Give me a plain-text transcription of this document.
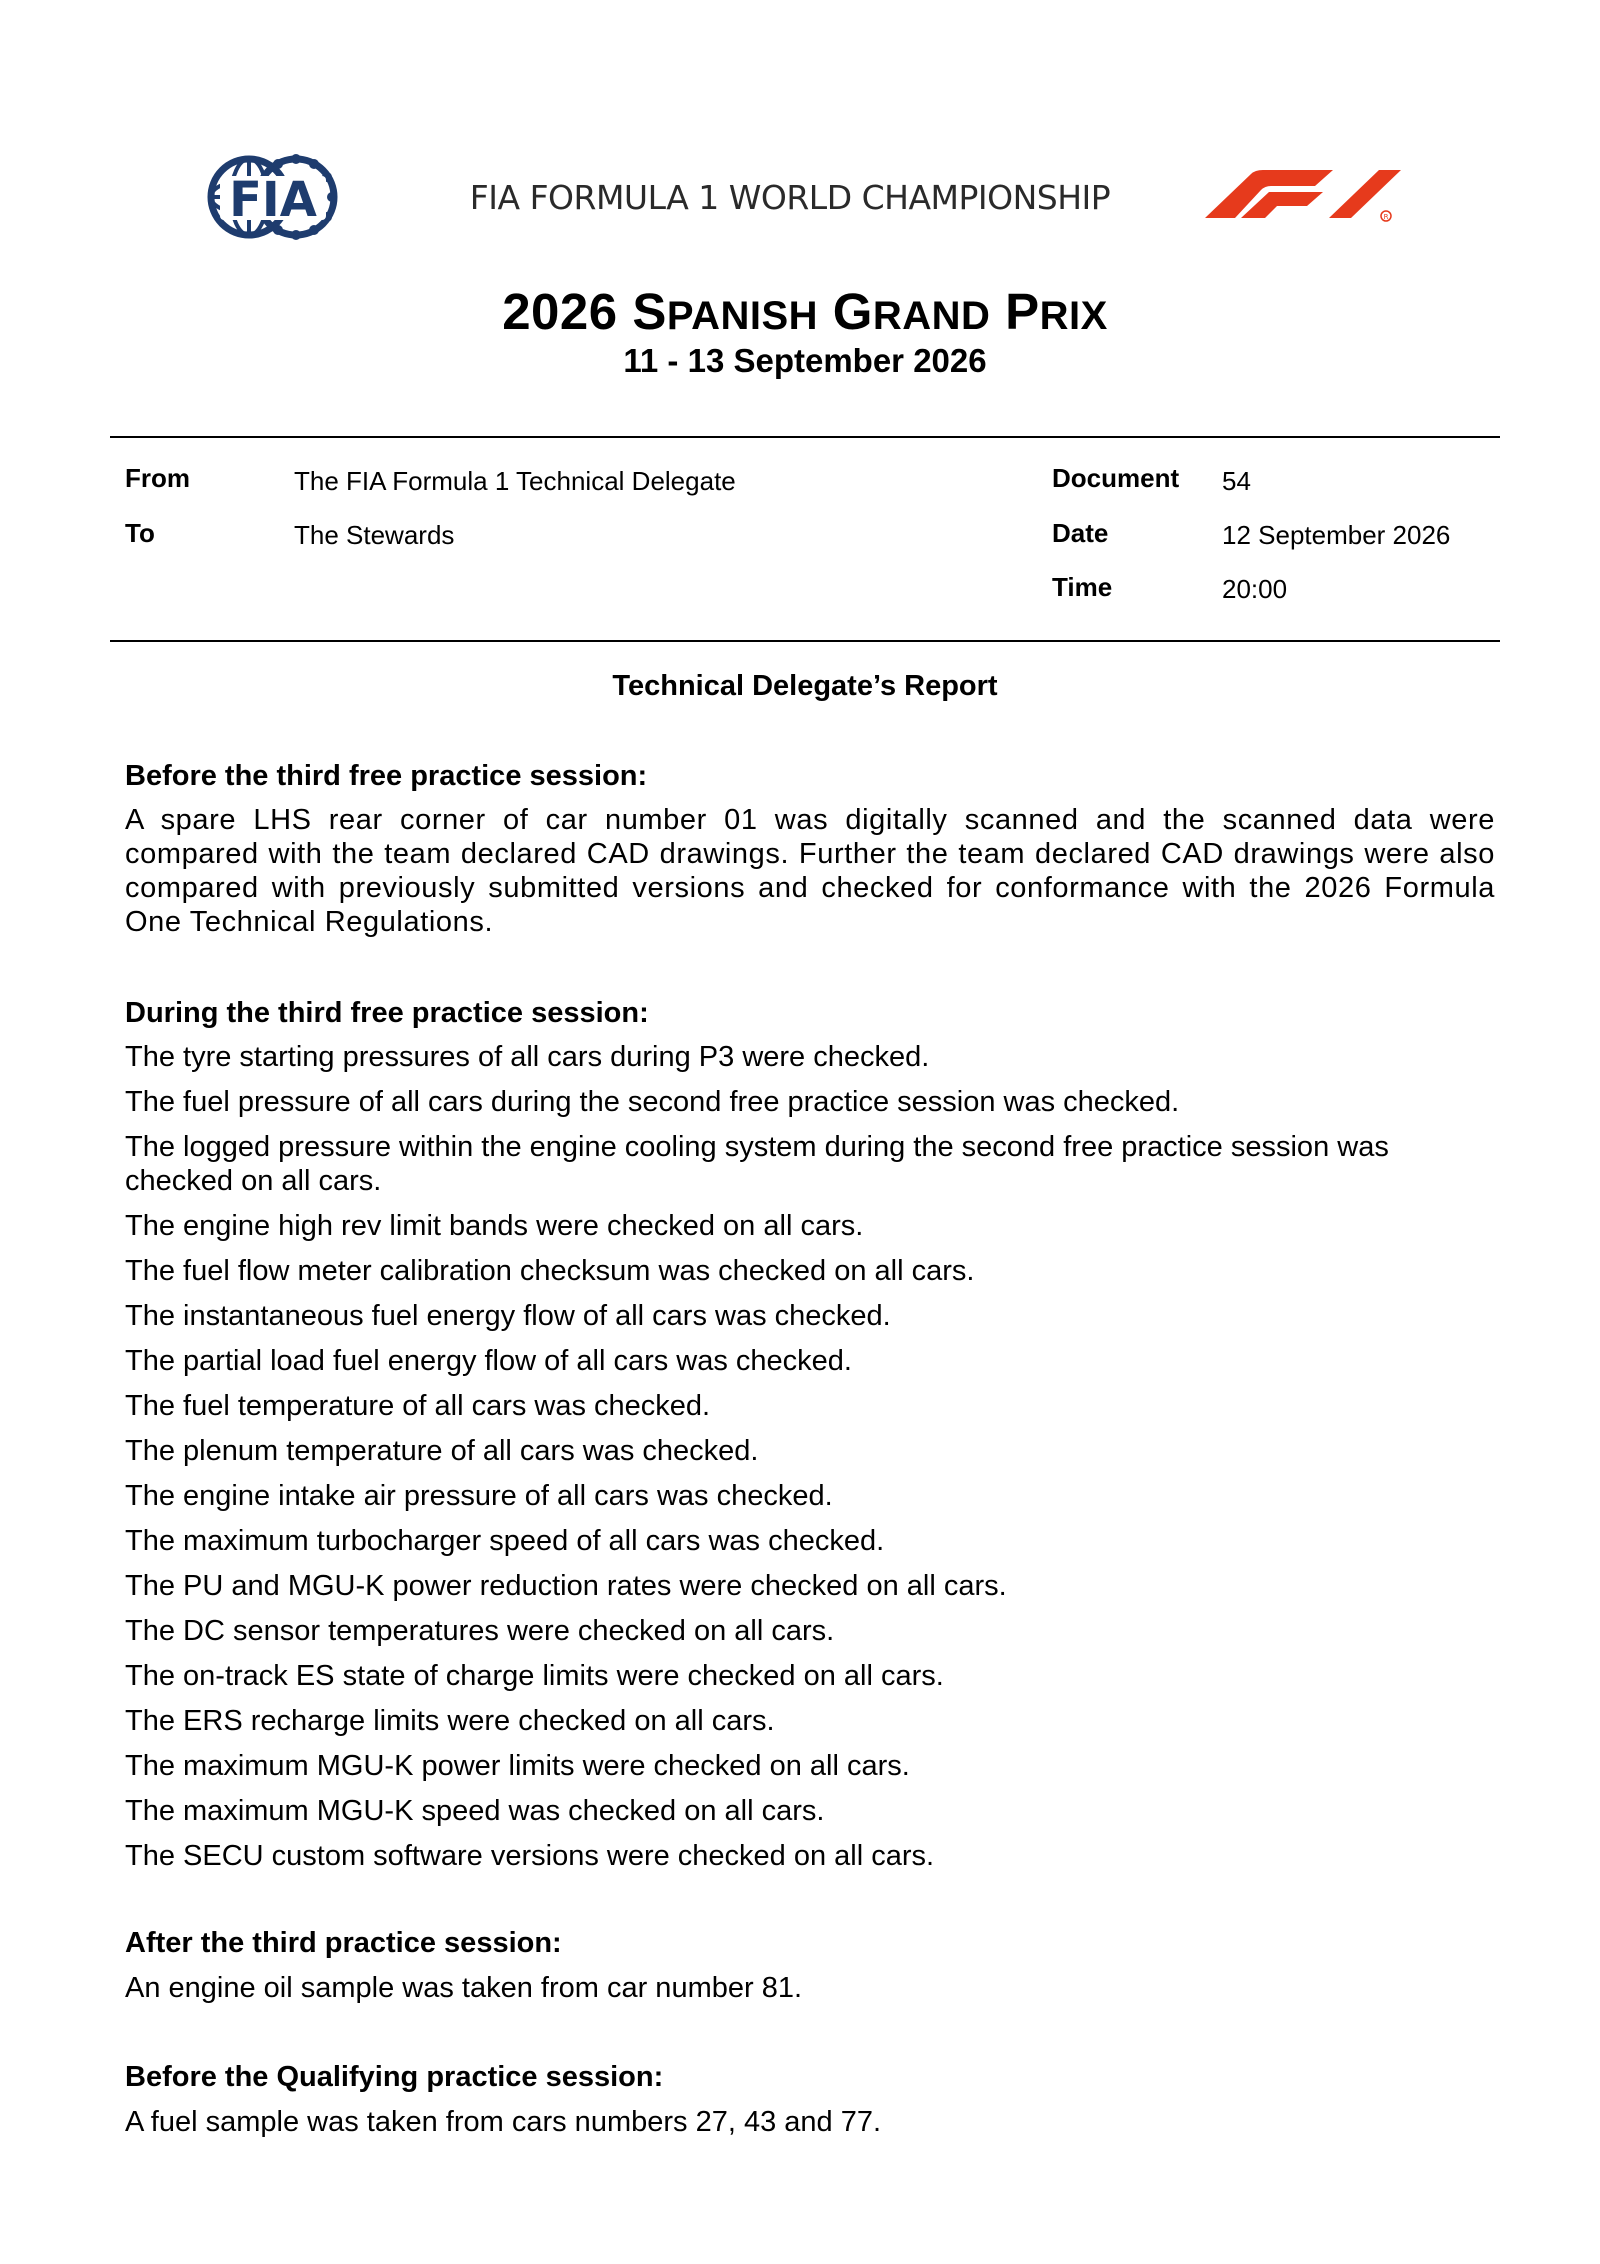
FIA	FIA FORMULA 1 WORLD CHAMPIONSHIP	R
2026 SPANISH GRAND PRIX
11 - 13 September 2026
From	The FIA Formula 1 Technical Delegate
To	The Stewards
Document 54
Date	12 September 2026
Time	20:00
Technical Delegate’s Report
Before the third free practice session:
A spare LHS rear corner of car number 01 was digitally scanned and the scanned data were compared with the team declared CAD drawings. Further the team declared CAD drawings were also compared with previously submitted versions and checked for conformance with the 2026 Formula One Technical Regulations.
During the third free practice session:
The tyre starting pressures of all cars during P3 were checked.
The fuel pressure of all cars during the second free practice session was checked.
The logged pressure within the engine cooling system during the second free practice session was checked on all cars.
The engine high rev limit bands were checked on all cars.
The fuel flow meter calibration checksum was checked on all cars.
The instantaneous fuel energy flow of all cars was checked.
The partial load fuel energy flow of all cars was checked.
The fuel temperature of all cars was checked.
The plenum temperature of all cars was checked.
The engine intake air pressure of all cars was checked.
The maximum turbocharger speed of all cars was checked.
The PU and MGU-K power reduction rates were checked on all cars.
The DC sensor temperatures were checked on all cars.
The on-track ES state of charge limits were checked on all cars.
The ERS recharge limits were checked on all cars.
The maximum MGU-K power limits were checked on all cars.
The maximum MGU-K speed was checked on all cars.
The SECU custom software versions were checked on all cars.
After the third practice session:
An engine oil sample was taken from car number 81.
Before the Qualifying practice session:
A fuel sample was taken from cars numbers 27, 43 and 77.
